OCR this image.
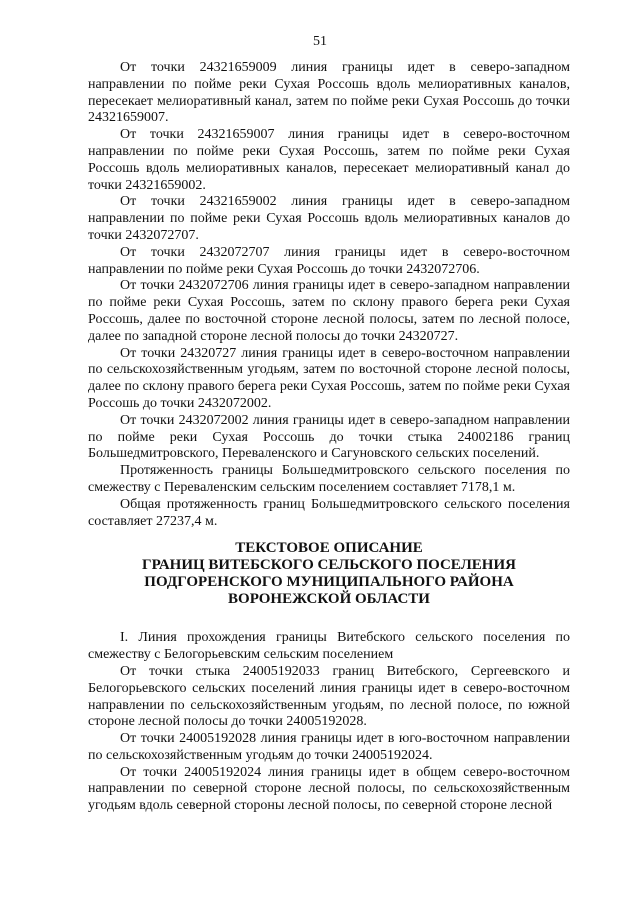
51

От точки 24321659009 линия границы идет в северо-западном направлении по пойме реки Сухая Россошь вдоль мелиоративных каналов, пересекает мелиоративный канал, затем по пойме реки Сухая Россошь до точки 24321659007.

От точки 24321659007 линия границы идет в северо-восточном направлении по пойме реки Сухая Россошь, затем по пойме реки Сухая Россошь вдоль мелиоративных каналов, пересекает мелиоративный канал до точки 24321659002.

От точки 24321659002 линия границы идет в северо-западном направлении по пойме реки Сухая Россошь вдоль мелиоративных каналов до точки 2432072707.

От точки 2432072707 линия границы идет в северо-восточном направлении по пойме реки Сухая Россошь до точки 2432072706.

От точки 2432072706 линия границы идет в северо-западном направлении по пойме реки Сухая Россошь, затем по склону правого берега реки Сухая Россошь, далее по восточной стороне лесной полосы, затем по лесной полосе, далее по западной стороне лесной полосы до точки 24320727.

От точки 24320727 линия границы идет в северо-восточном направлении по сельскохозяйственным угодьям, затем по восточной стороне лесной полосы, далее по склону правого берега реки Сухая Россошь, затем по пойме реки Сухая Россошь до точки 2432072002.

От точки 2432072002 линия границы идет в северо-западном направлении по пойме реки Сухая Россошь до точки стыка 24002186 границ Большедмитровского, Перевaленского и Сагуновского сельских поселений.

Протяженность границы Большедмитровского сельского поселения по смежеству с Перевaленским сельским поселением составляет 7178,1 м.

Общая протяженность границ Большедмитровского сельского поселения составляет 27237,4 м.

ТЕКСТОВОЕ ОПИСАНИЕ
ГРАНИЦ ВИТЕБСКОГО СЕЛЬСКОГО ПОСЕЛЕНИЯ
ПОДГОРЕНСКОГО МУНИЦИПАЛЬНОГО РАЙОНА
ВОРОНЕЖСКОЙ ОБЛАСТИ

I. Линия прохождения границы Витебского сельского поселения по смежеству с Белогорьевским сельским поселением

От точки стыка 24005192033 границ Витебского, Сергеевского и Белогорьевского сельских поселений линия границы идет в северо-восточном направлении по сельскохозяйственным угодьям, по лесной полосе, по южной стороне лесной полосы до точки 24005192028.

От точки 24005192028 линия границы идет в юго-восточном направлении по сельскохозяйственным угодьям до точки 24005192024.

От точки 24005192024 линия границы идет в общем северо-восточном направлении по северной стороне лесной полосы, по сельскохозяйственным угодьям вдоль северной стороны лесной полосы, по северной стороне лесной
